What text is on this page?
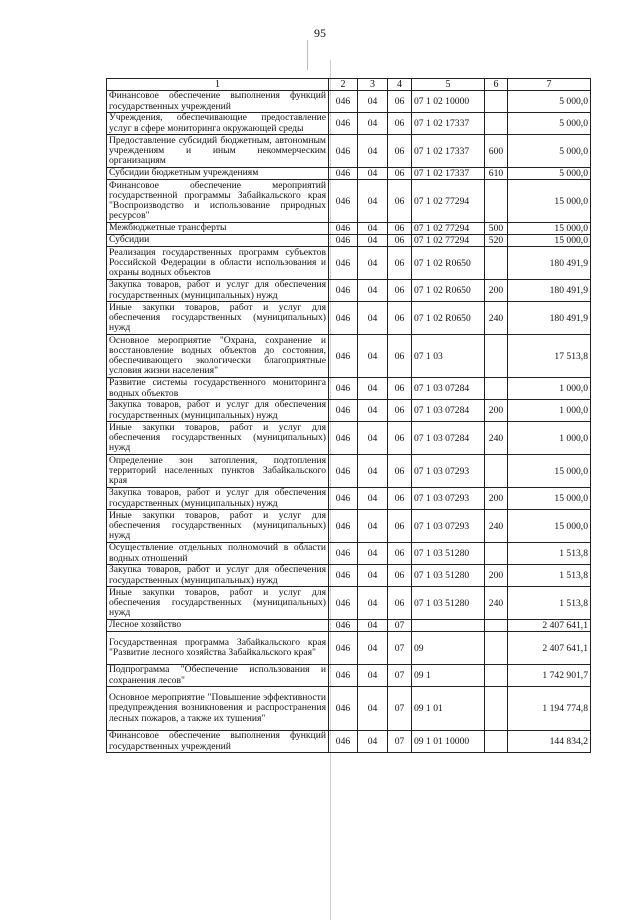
95
1	2	3	4	5	6	7
Финансовое обеспечение выполнения функций государственных учреждений	046	04	06	07 1 02 10000		5 000,0
Учреждения, обеспечивающие предоставление услуг в сфере мониторинга окружающей среды	046	04	06	07 1 02 17337		5 000,0
Предоставление субсидий бюджетным, автономным учреждениям и иным некоммерческим организациям	046	04	06	07 1 02 17337	600	5 000,0
Субсидии бюджетным учреждениям	046	04	06	07 1 02 17337	610	5 000,0
Финансовое обеспечение мероприятий государственной программы Забайкальского края "Воспроизводство и использование природных ресурсов"	046	04	06	07 1 02 77294		15 000,0
Межбюджетные трансферты	046	04	06	07 1 02 77294	500	15 000,0
Субсидии	046	04	06	07 1 02 77294	520	15 000,0
Реализация государственных программ субъектов Российской Федерации в области использования и охраны водных объектов	046	04	06	07 1 02 R0650		180 491,9
Закупка товаров, работ и услуг для обеспечения государственных (муниципальных) нужд	046	04	06	07 1 02 R0650	200	180 491,9
Иные закупки товаров, работ и услуг для обеспечения государственных (муниципальных) нужд	046	04	06	07 1 02 R0650	240	180 491,9
Основное мероприятие "Охрана, сохранение и восстановление водных объектов до состояния, обеспечивающего экологически благоприятные условия жизни населения"	046	04	06	07 1 03		17 513,8
Развитие системы государственного мониторинга водных объектов	046	04	06	07 1 03 07284		1 000,0
Закупка товаров, работ и услуг для обеспечения государственных (муниципальных) нужд	046	04	06	07 1 03 07284	200	1 000,0
Иные закупки товаров, работ и услуг для обеспечения государственных (муниципальных) нужд	046	04	06	07 1 03 07284	240	1 000,0
Определение зон затопления, подтопления территорий населенных пунктов Забайкальского края	046	04	06	07 1 03 07293		15 000,0
Закупка товаров, работ и услуг для обеспечения государственных (муниципальных) нужд	046	04	06	07 1 03 07293	200	15 000,0
Иные закупки товаров, работ и услуг для обеспечения государственных (муниципальных) нужд	046	04	06	07 1 03 07293	240	15 000,0
Осуществление отдельных полномочий в области водных отношений	046	04	06	07 1 03 51280		1 513,8
Закупка товаров, работ и услуг для обеспечения государственных (муниципальных) нужд	046	04	06	07 1 03 51280	200	1 513,8
Иные закупки товаров, работ и услуг для обеспечения государственных (муниципальных) нужд	046	04	06	07 1 03 51280	240	1 513,8
Лесное хозяйство	046	04	07			2 407 641,1
Государственная программа Забайкальского края "Развитие лесного хозяйства Забайкальского края"	046	04	07	09		2 407 641,1
Подпрограмма "Обеспечение использования и сохранения лесов"	046	04	07	09 1		1 742 901,7
Основное мероприятие "Повышение эффективности предупреждения возникновения и распространения лесных пожаров, а также их тушения"	046	04	07	09 1 01		1 194 774,8
Финансовое обеспечение выполнения функций государственных учреждений	046	04	07	09 1 01 10000		144 834,2
